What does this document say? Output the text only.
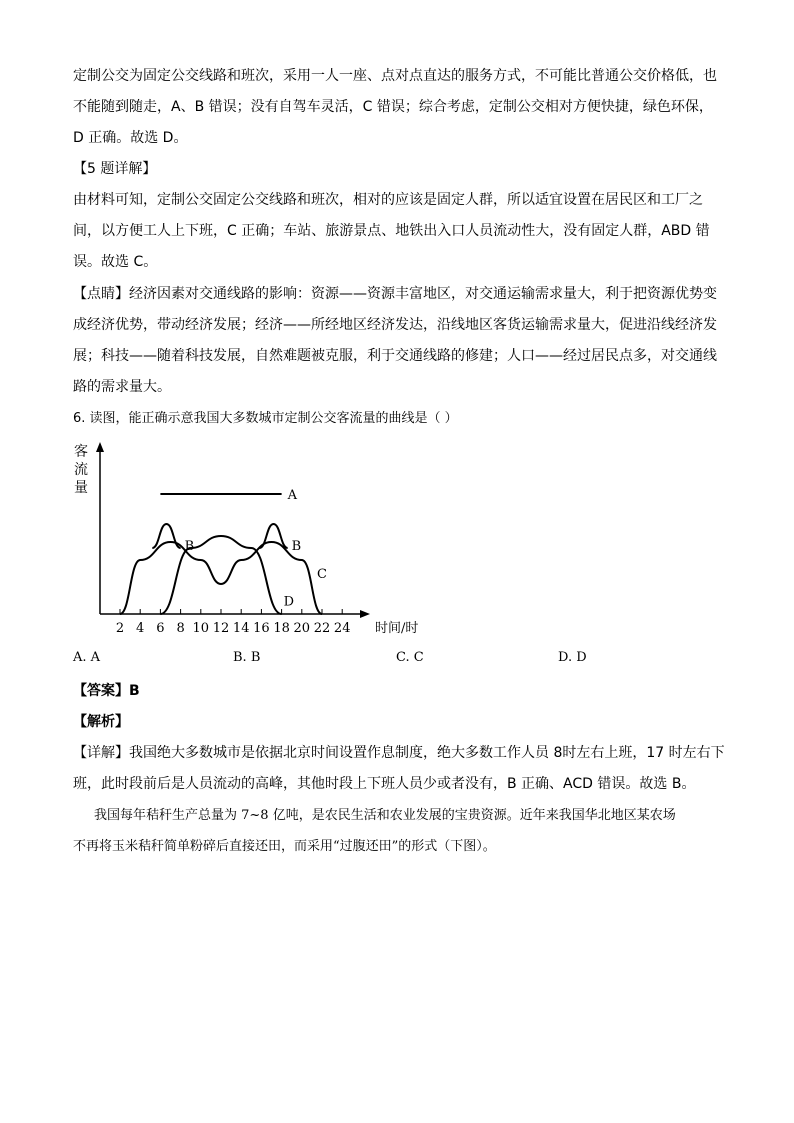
定制公交为固定公交线路和班次，采用一人一座、点对点直达的服务方式，不可能比普通公交价格低，也
不能随到随走，A、B 错误；没有自驾车灵活，C 错误；综合考虑，定制公交相对方便快捷，绿色环保，
D 正确。故选 D。
【5 题详解】
由材料可知，定制公交固定公交线路和班次，相对的应该是固定人群，所以适宜设置在居民区和工厂之
间，以方便工人上下班，C 正确；车站、旅游景点、地铁出入口人员流动性大，没有固定人群，ABD 错
误。故选 C。
【点睛】经济因素对交通线路的影响：资源——资源丰富地区，对交通运输需求量大，利于把资源优势变
成经济优势，带动经济发展；经济——所经地区经济发达，沿线地区客货运输需求量大，促进沿线经济发
展；科技——随着科技发展，自然难题被克服，利于交通线路的修建；人口——经过居民点多，对交通线
路的需求量大。
6. 读图，能正确示意我国大多数城市定制公交客流量的曲线是（ ）
客
流
量
时间/时
2 4 6 8 10 12 14 16 18 20 22 24
A
B	B
C
D
A. A	B. B	C. C	D. D
【答案】B
【解析】
【详解】我国绝大多数城市是依据北京时间设置作息制度，绝大多数工作人员 8时左右上班，17 时左右下
班，此时段前后是人员流动的高峰，其他时段上下班人员少或者没有，B 正确、ACD 错误。故选 B。
我国每年秸秆生产总量为 7~8 亿吨，是农民生活和农业发展的宝贵资源。近年来我国华北地区某农场
不再将玉米秸秆简单粉碎后直接还田，而采用“过腹还田”的形式（下图）。
